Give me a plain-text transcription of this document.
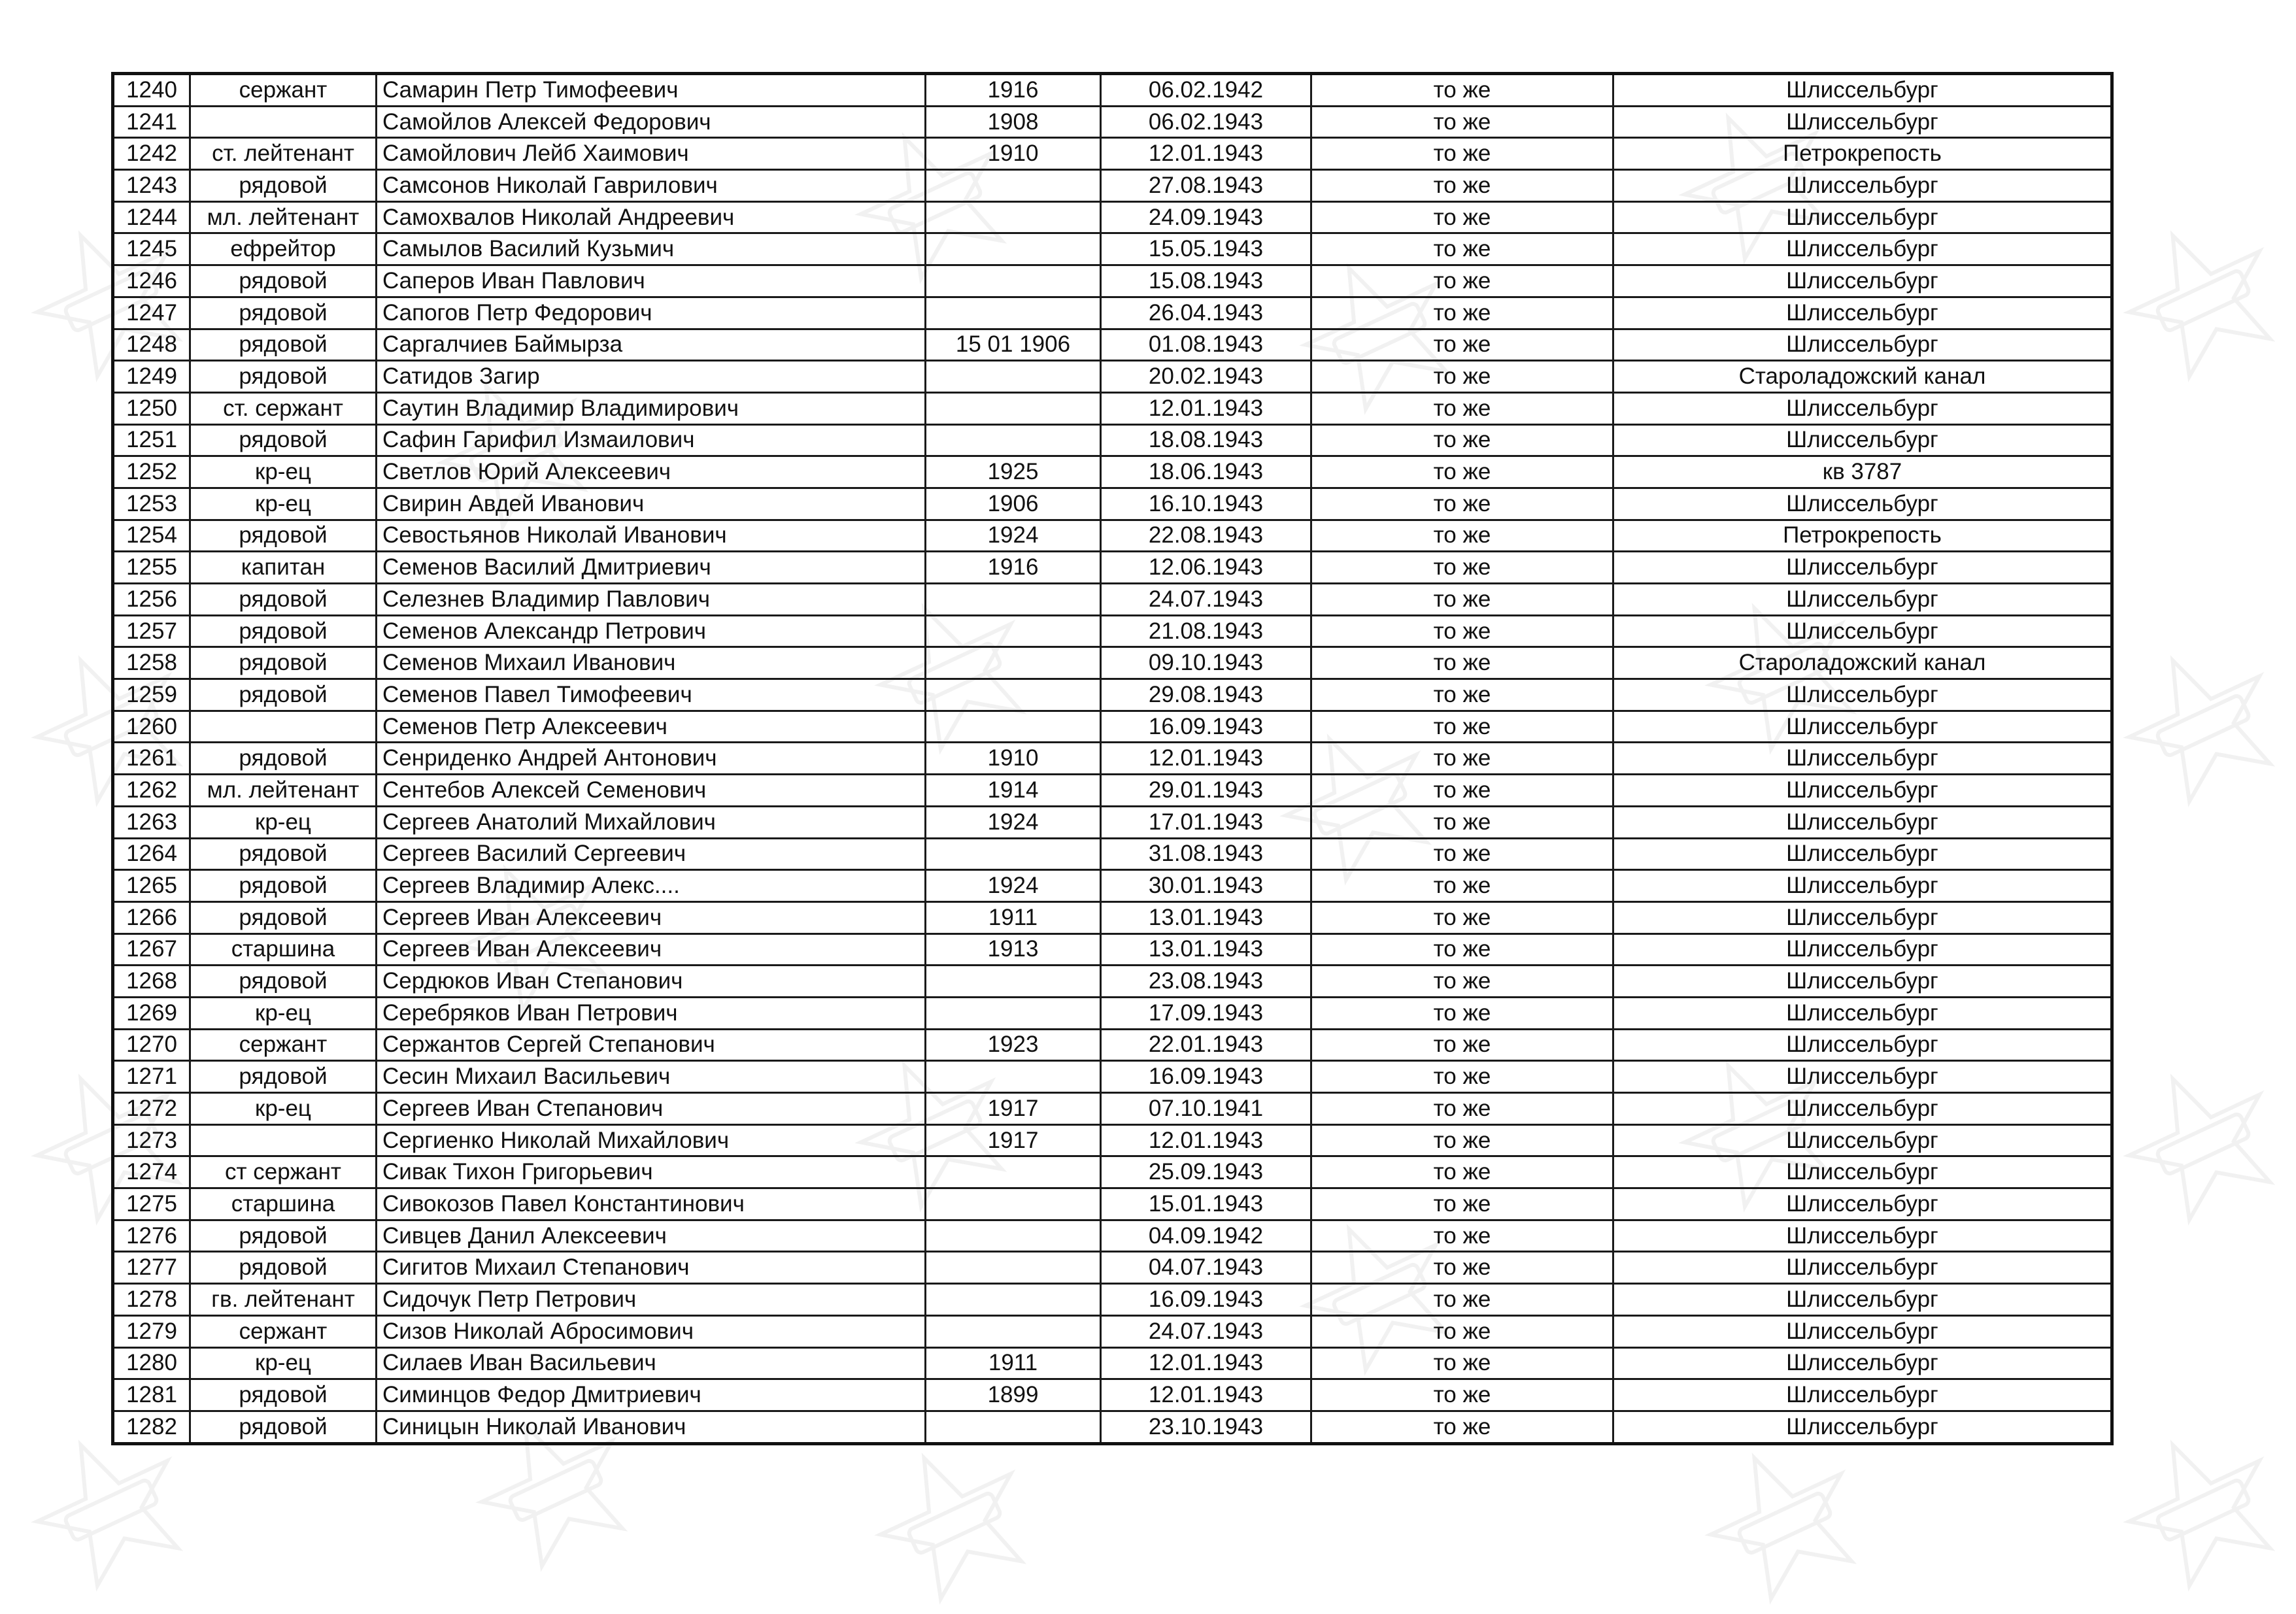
1240	сержант	Самарин Петр Тимофеевич	1916	06.02.1942	то же	Шлиссельбург
1241		Самойлов Алексей Федорович	1908	06.02.1943	то же	Шлиссельбург
1242	ст. лейтенант	Самойлович Лейб Хаимович	1910	12.01.1943	то же	Петрокрепость
1243	рядовой	Самсонов Николай Гаврилович		27.08.1943	то же	Шлиссельбург
1244	мл. лейтенант	Самохвалов Николай Андреевич		24.09.1943	то же	Шлиссельбург
1245	ефрейтор	Самылов Василий Кузьмич		15.05.1943	то же	Шлиссельбург
1246	рядовой	Саперов Иван Павлович		15.08.1943	то же	Шлиссельбург
1247	рядовой	Сапогов Петр Федорович		26.04.1943	то же	Шлиссельбург
1248	рядовой	Саргалчиев Баймырза	15 01 1906	01.08.1943	то же	Шлиссельбург
1249	рядовой	Сатидов Загир		20.02.1943	то же	Староладожский канал
1250	ст. сержант	Саутин Владимир Владимирович		12.01.1943	то же	Шлиссельбург
1251	рядовой	Сафин Гарифил Измаилович		18.08.1943	то же	Шлиссельбург
1252	кр-ец	Светлов Юрий Алексеевич	1925	18.06.1943	то же	кв 3787
1253	кр-ец	Свирин Авдей Иванович	1906	16.10.1943	то же	Шлиссельбург
1254	рядовой	Севостьянов Николай Иванович	1924	22.08.1943	то же	Петрокрепость
1255	капитан	Семенов Василий Дмитриевич	1916	12.06.1943	то же	Шлиссельбург
1256	рядовой	Селезнев Владимир Павлович		24.07.1943	то же	Шлиссельбург
1257	рядовой	Семенов Александр Петрович		21.08.1943	то же	Шлиссельбург
1258	рядовой	Семенов Михаил Иванович		09.10.1943	то же	Староладожский канал
1259	рядовой	Семенов Павел Тимофеевич		29.08.1943	то же	Шлиссельбург
1260		Семенов Петр Алексеевич		16.09.1943	то же	Шлиссельбург
1261	рядовой	Сенриденко Андрей Антонович	1910	12.01.1943	то же	Шлиссельбург
1262	мл. лейтенант	Сентебов Алексей Семенович	1914	29.01.1943	то же	Шлиссельбург
1263	кр-ец	Сергеев Анатолий Михайлович	1924	17.01.1943	то же	Шлиссельбург
1264	рядовой	Сергеев Василий Сергеевич		31.08.1943	то же	Шлиссельбург
1265	рядовой	Сергеев Владимир Алекс....	1924	30.01.1943	то же	Шлиссельбург
1266	рядовой	Сергеев Иван Алексеевич	1911	13.01.1943	то же	Шлиссельбург
1267	старшина	Сергеев Иван Алексеевич	1913	13.01.1943	то же	Шлиссельбург
1268	рядовой	Сердюков Иван Степанович		23.08.1943	то же	Шлиссельбург
1269	кр-ец	Серебряков Иван Петрович		17.09.1943	то же	Шлиссельбург
1270	сержант	Сержантов Сергей Степанович	1923	22.01.1943	то же	Шлиссельбург
1271	рядовой	Сесин Михаил Васильевич		16.09.1943	то же	Шлиссельбург
1272	кр-ец	Сергеев Иван Степанович	1917	07.10.1941	то же	Шлиссельбург
1273		Сергиенко Николай Михайлович	1917	12.01.1943	то же	Шлиссельбург
1274	ст сержант	Сивак Тихон Григорьевич		25.09.1943	то же	Шлиссельбург
1275	старшина	Сивокозов Павел Константинович		15.01.1943	то же	Шлиссельбург
1276	рядовой	Сивцев Данил Алексеевич		04.09.1942	то же	Шлиссельбург
1277	рядовой	Сигитов Михаил Степанович		04.07.1943	то же	Шлиссельбург
1278	гв. лейтенант	Сидочук Петр Петрович		16.09.1943	то же	Шлиссельбург
1279	сержант	Сизов Николай Абросимович		24.07.1943	то же	Шлиссельбург
1280	кр-ец	Силаев Иван Васильевич	1911	12.01.1943	то же	Шлиссельбург
1281	рядовой	Симинцов Федор Дмитриевич	1899	12.01.1943	то же	Шлиссельбург
1282	рядовой	Синицын Николай Иванович		23.10.1943	то же	Шлиссельбург
